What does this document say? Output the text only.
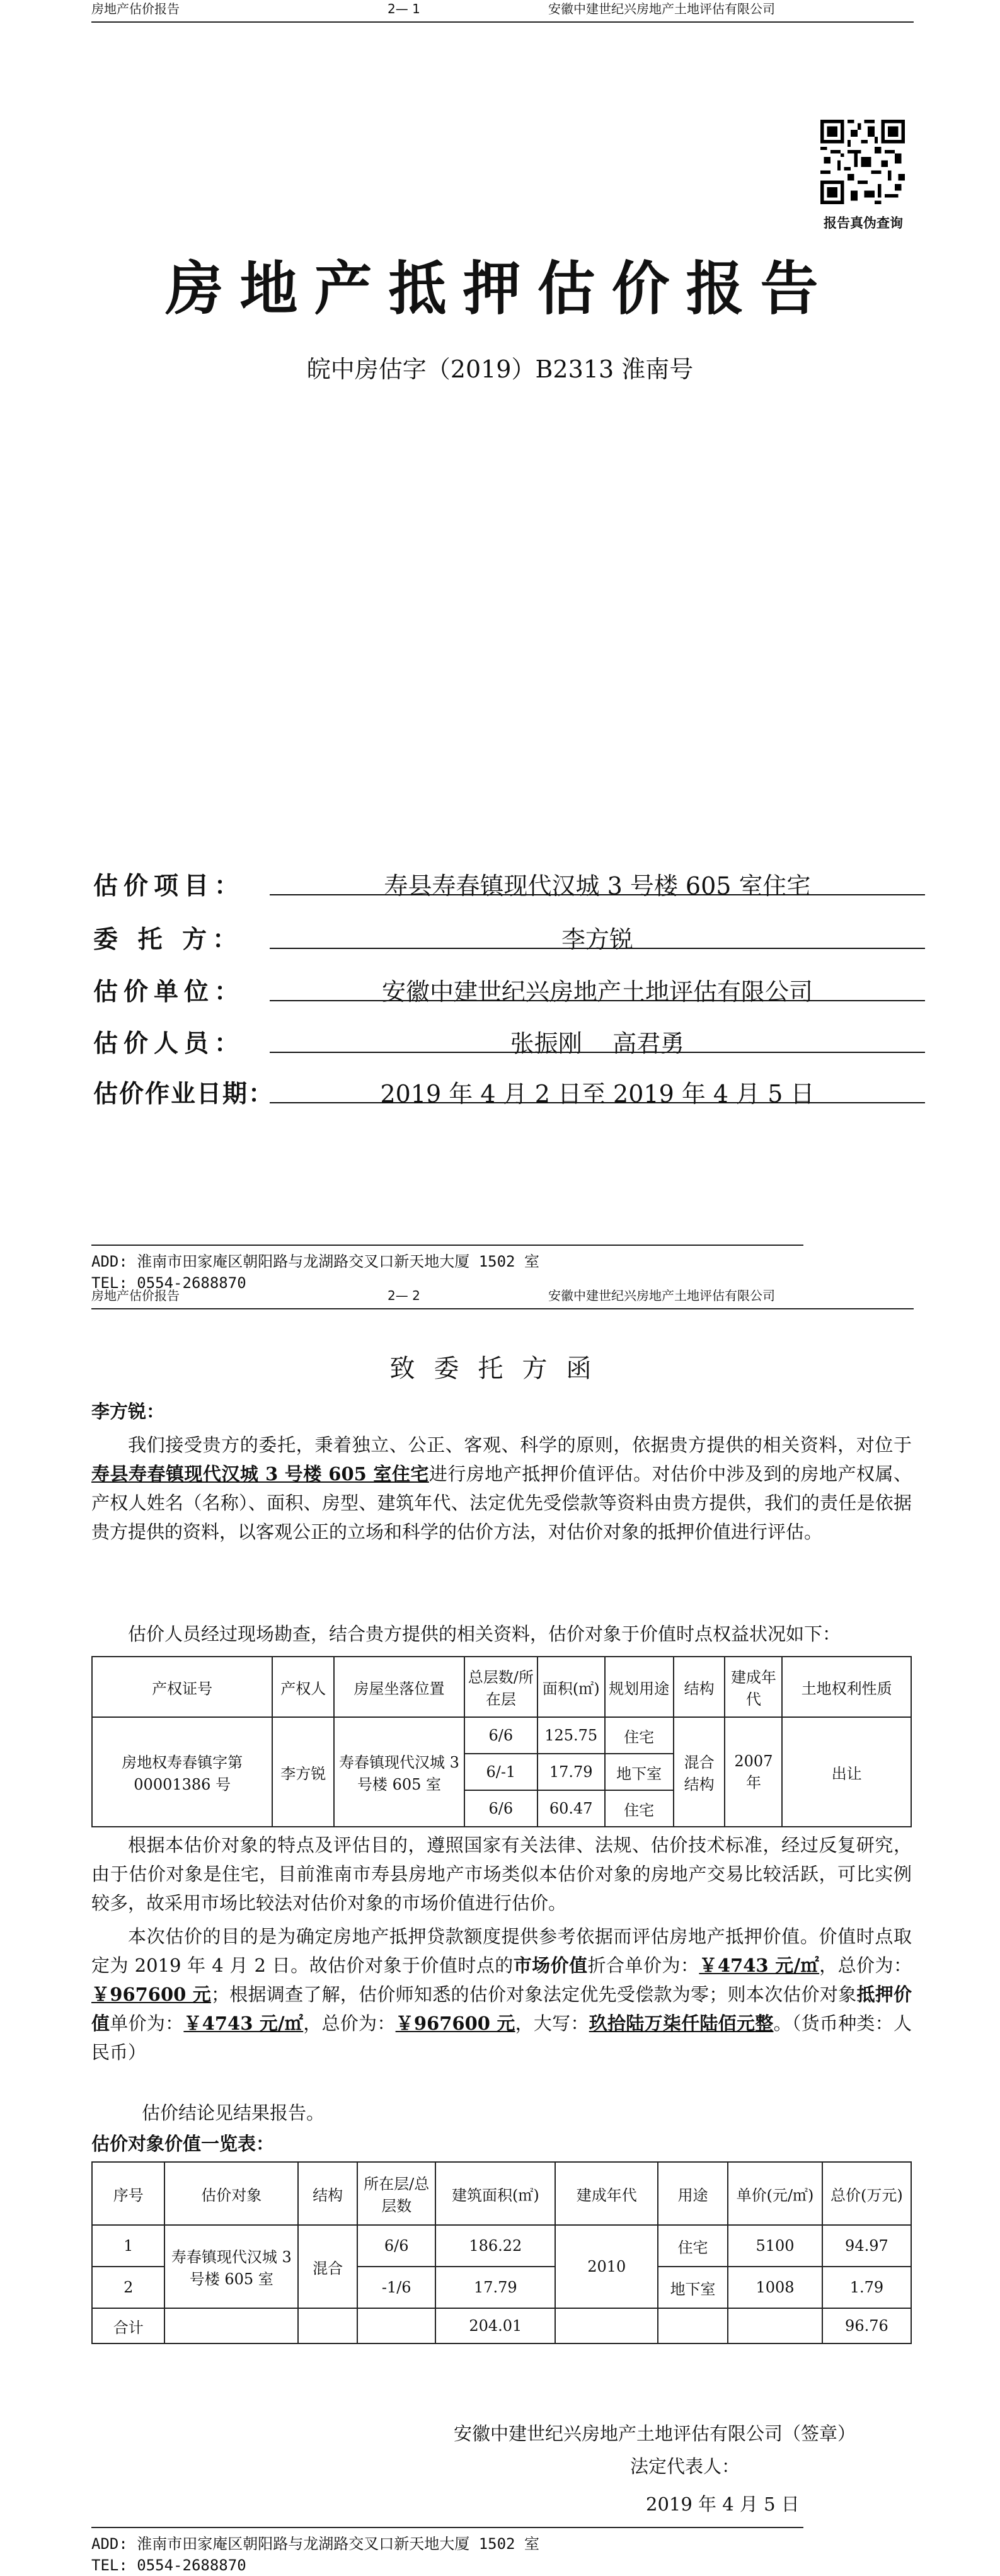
房地产估价报告	2— 1	安徽中建世纪兴房地产土地评估有限公司
报告真伪查询
房地产抵押估价报告
皖中房估字（2019）B2313 淮南号
估价项目：	寿县寿春镇现代汉城 3 号楼 605 室住宅
委 托 方：	李方锐
估价单位：	安徽中建世纪兴房地产土地评估有限公司
估价人员：	张振刚    高君勇
估价作业日期：	2019 年 4 月 2 日至 2019 年 4 月 5 日
ADD: 淮南市田家庵区朝阳路与龙湖路交叉口新天地大厦 1502 室
TEL: 0554-2688870
房地产估价报告	2— 2	安徽中建世纪兴房地产土地评估有限公司
致委托方函
李方锐：
我们接受贵方的委托，秉着独立、公正、客观、科学的原则，依据贵方提供的相关资料，对位于寿县寿春镇现代汉城 3 号楼 605 室住宅进行房地产抵押价值评估。对估价中涉及到的房地产权属、产权人姓名（名称）、面积、房型、建筑年代、法定优先受偿款等资料由贵方提供，我们的责任是依据贵方提供的资料，以客观公正的立场和科学的估价方法，对估价对象的抵押价值进行评估。
估价人员经过现场勘查，结合贵方提供的相关资料，估价对象于价值时点权益状况如下：
产权证号	产权人	房屋坐落位置	总层数/所在层	面积(㎡)	规划用途	结构	建成年代	土地权利性质
房地权寿春镇字第 00001386 号	李方锐	寿春镇现代汉城 3 号楼 605 室	6/6	125.75	住宅	混合结构	2007 年	出让
			6/-1	17.79	地下室			
			6/6	60.47	住宅			
根据本估价对象的特点及评估目的，遵照国家有关法律、法规、估价技术标准，经过反复研究，由于估价对象是住宅，目前淮南市寿县房地产市场类似本估价对象的房地产交易比较活跃，可比实例较多，故采用市场比较法对估价对象的市场价值进行估价。
本次估价的目的是为确定房地产抵押贷款额度提供参考依据而评估房地产抵押价值。价值时点取定为 2019 年 4 月 2 日。故估价对象于价值时点的市场价值折合单价为：￥4743 元/㎡，总价为：￥967600 元；根据调查了解，估价师知悉的估价对象法定优先受偿款为零；则本次估价对象抵押价值单价为：￥4743 元/㎡，总价为：￥967600 元，大写：玖拾陆万柒仟陆佰元整。（货币种类：人民币）
估价结论见结果报告。
估价对象价值一览表：
序号	估价对象	结构	所在层/总层数	建筑面积(㎡)	建成年代	用途	单价(元/㎡)	总价(万元)
1	寿春镇现代汉城 3 号楼 605 室	混合	6/6	186.22	2010	住宅	5100	94.97
2			-1/6	17.79		地下室	1008	1.79
合计				204.01				96.76
安徽中建世纪兴房地产土地评估有限公司（签章）
法定代表人：
2019 年 4 月 5 日
ADD: 淮南市田家庵区朝阳路与龙湖路交叉口新天地大厦 1502 室
TEL: 0554-2688870
